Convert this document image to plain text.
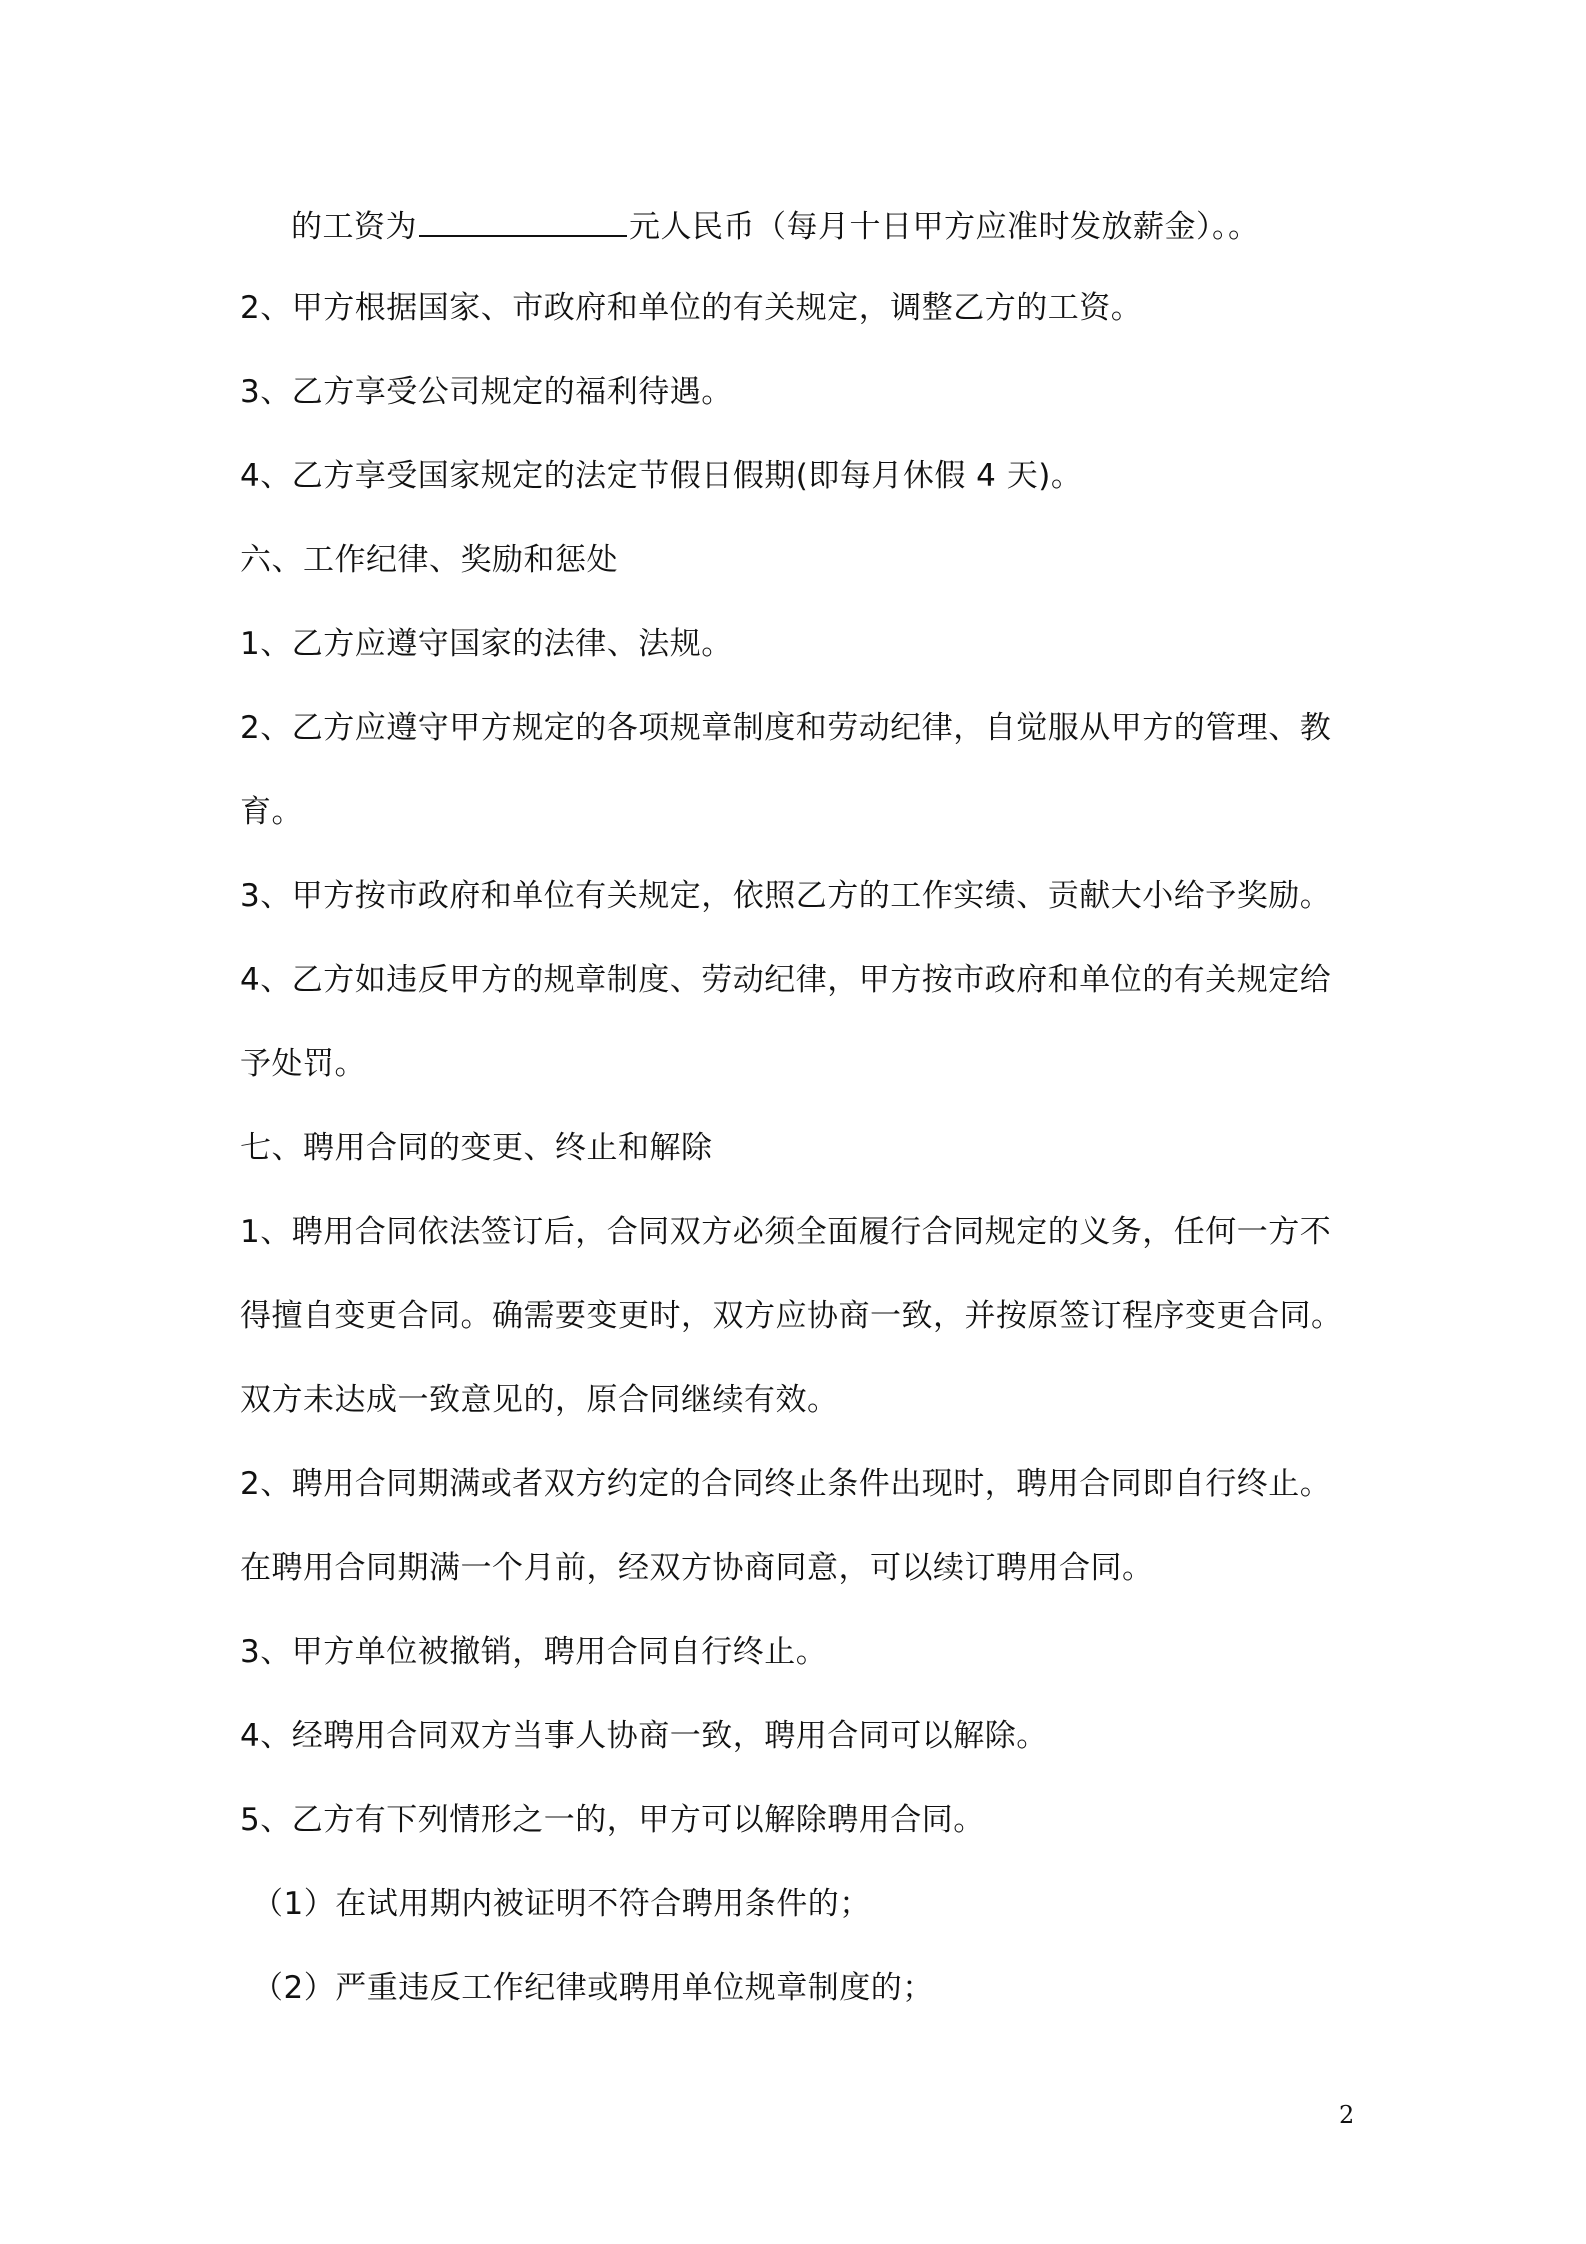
的工资为	元人民币（每月十日甲方应准时发放薪金）。。
2、甲方根据国家、市政府和单位的有关规定，调整乙方的工资。
3、乙方享受公司规定的福利待遇。
4、乙方享受国家规定的法定节假日假期(即每月休假 4 天)。
六、工作纪律、奖励和惩处
1、乙方应遵守国家的法律、法规。
2、乙方应遵守甲方规定的各项规章制度和劳动纪律，自觉服从甲方的管理、教
育。
3、甲方按市政府和单位有关规定，依照乙方的工作实绩、贡献大小给予奖励。
4、乙方如违反甲方的规章制度、劳动纪律，甲方按市政府和单位的有关规定给
予处罚。
七、聘用合同的变更、终止和解除
1、聘用合同依法签订后，合同双方必须全面履行合同规定的义务，任何一方不
得擅自变更合同。确需要变更时，双方应协商一致，并按原签订程序变更合同。
双方未达成一致意见的，原合同继续有效。
2、聘用合同期满或者双方约定的合同终止条件出现时，聘用合同即自行终止。
在聘用合同期满一个月前，经双方协商同意，可以续订聘用合同。
3、甲方单位被撤销，聘用合同自行终止。
4、经聘用合同双方当事人协商一致，聘用合同可以解除。
5、乙方有下列情形之一的，甲方可以解除聘用合同。
（1）在试用期内被证明不符合聘用条件的；
（2）严重违反工作纪律或聘用单位规章制度的；
2
